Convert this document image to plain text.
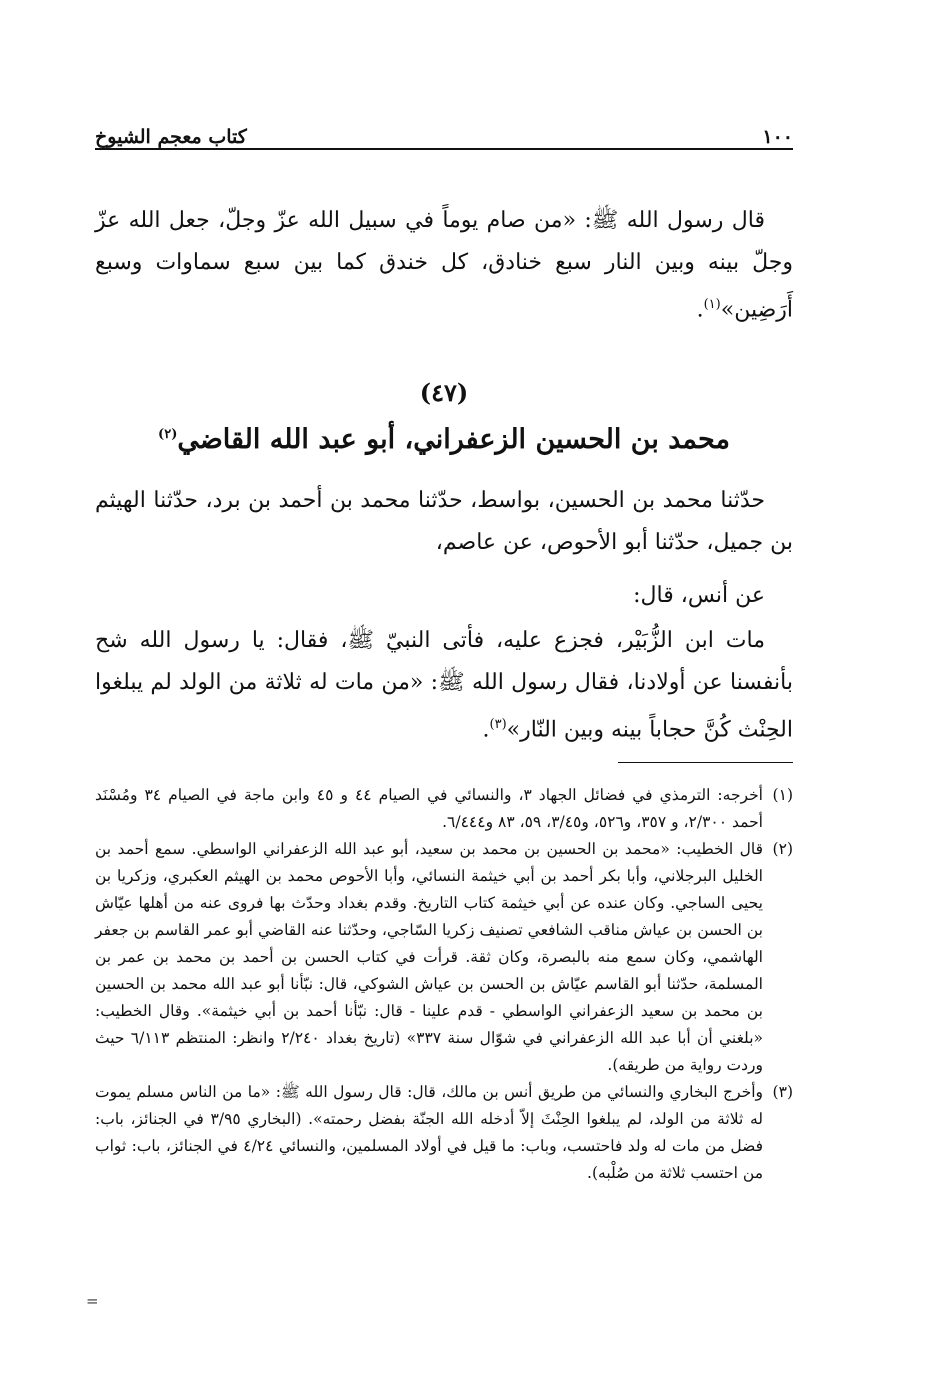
١٠٠
كتاب معجم الشيوخ

قال رسول الله ﷺ: «من صام يوماً في سبيل الله عزّ وجلّ، جعل الله عزّ وجلّ بينه وبين النار سبع خنادق، كل خندق كما بين سبع سماوات وسبع أَرَضِين»$^{(١)}$.

(٤٧)
محمد بن الحسين الزعفراني، أبو عبد الله القاضي$^{(٢)}$

حدّثنا محمد بن الحسين، بواسط، حدّثنا محمد بن أحمد بن برد، حدّثنا الهيثم بن جميل، حدّثنا أبو الأحوص، عن عاصم،

عن أنس، قال:

مات ابن الزُّبَيْر، فجزع عليه، فأتى النبيّ ﷺ، فقال: يا رسول الله شح بأنفسنا عن أولادنا، فقال رسول الله ﷺ: «من مات له ثلاثة من الولد لم يبلغوا الحِنْث كُنَّ حجاباً بينه وبين النّار»$^{(٣)}$.

(١)
أخرجه: الترمذي في فضائل الجهاد ٣، والنسائي في الصيام ٤٤ و ٤٥ وابن ماجة في الصيام ٣٤ ومُسْنَد أحمد ٢/٣٠٠، و ٣٥٧، و٥٢٦، و٣/٤٥، ٥٩، ٨٣ و٦/٤٤٤.

(٢)
قال الخطيب: «محمد بن الحسين بن محمد بن سعيد، أبو عبد الله الزعفراني الواسطي. سمع أحمد بن الخليل البرجلاني، وأبا بكر أحمد بن أبي خيثمة النسائي، وأبا الأحوص محمد بن الهيثم العكبري، وزكريا بن يحيى الساجي. وكان عنده عن أبي خيثمة كتاب التاريخ. وقدم بغداد وحدّث بها فروى عنه من أهلها عيّاش بن الحسن بن عياش مناقب الشافعي تصنيف زكريا السّاجي، وحدّثنا عنه القاضي أبو عمر القاسم بن جعفر الهاشمي، وكان سمع منه بالبصرة، وكان ثقة. قرأت في كتاب الحسن بن أحمد بن محمد بن عمر بن المسلمة، حدّثنا أبو القاسم عيّاش بن الحسن بن عياش الشوكي، قال: نبّأنا أبو عبد الله محمد بن الحسين بن محمد بن سعيد الزعفراني الواسطي - قدم علينا - قال: نبّأنا أحمد بن أبي خيثمة». وقال الخطيب: «بلغني أن أبا عبد الله الزعفراني في شوّال سنة ٣٣٧» (تاريخ بغداد ٢/٢٤٠ وانظر: المنتظم ٦/١١٣ حيث وردت رواية من طريقه).

(٣)
وأخرج البخاري والنسائي من طريق أنس بن مالك، قال: قال رسول الله ﷺ: «ما من الناس مسلم يموت له ثلاثة من الولد، لم يبلغوا الحِنْثَ إلاّ أدخله الله الجنّة بفضل رحمته». (البخاري ٣/٩٥ في الجنائز، باب: فضل من مات له ولد فاحتسب، وباب: ما قيل في أولاد المسلمين، والنسائي ٤/٢٤ في الجنائز، باب: ثواب من احتسب ثلاثة من صُلْبه).

=
